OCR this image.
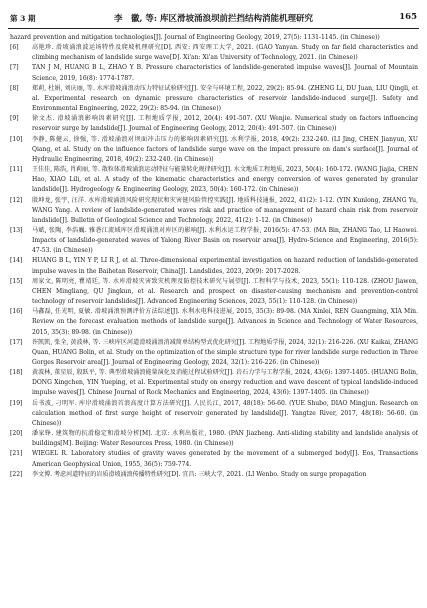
第 3 期	李　徽, 等: 库区滑坡涌浪坝前拦挡结构消能机理研究	165
hazard prevention and mitigation technologies[J]. Journal of Engineering Geology, 2019, 27(5): 1131-1145. (in Chinese))
[6]	高艳珍. 滑坡涌浪波运场特性及爬坡机理研究[D]. 西安: 西安理工大学, 2021. (GAO Yanyan. Study on far field characteristics and climbing mechanism of landslide surge wave[D]. Xi'an: Xi'an University of Technology, 2021. (in Chinese))
[7]	TAN J M, HUANG B L, ZHAO Y B. Pressure characteristics of landslide-generated impulse waves[J]. Journal of Mountain Science, 2019, 16(8): 1774-1787.
[8]	郑莉, 杜娟, 刘庆丽, 等. 水库滑坡涌浪动压力特征试验研究[J]. 安全与环境工程, 2022, 29(2): 85-94. (ZHENG Li, DU Juan, LIU Qingli, et al. Experimental research on dynamic pressure characteristics of reservoir landslide-induced surge[J]. Safety and Environmental Engineering, 2022, 29(2): 85-94. (in Chinese))
[9]	徐文杰. 滑坡涌浪影响因素研究[J]. 工程地质学报, 2012, 20(4): 491-507. (XU Wenjie. Numerical study on factors influencing reservoir surge by landslide[J]. Journal of Engineering Geology, 2012, 20(4): 491-507. (in Chinese))
[10]	李静, 陈健云, 徐强, 等. 滑坡涌浪对坝面冲击压力的影响因素研究[J]. 水利学报, 2018, 49(2): 232-240. (LI Jing, CHEN Jianyun, XU Qiang, et al. Study on the influence factors of landslide surge wave on the impact pressure on dam's surface[J]. Journal of Hydraulic Engineering, 2018, 49(2): 232-240. (in Chinese))
[11]	王佳佳, 陈浩, 肖莉丽, 等. 散粒体滑坡涌浪运动特征与能量转化规律研究[J]. 水文地质工程地质, 2023, 50(4): 160-172. (WANG Jiajia, CHEN Hao, XIAO Lili, et al. A study of the kinematic characteristics and energy conversion of waves generated by granular landslide[J]. Hydrogeology & Engineering Geology, 2023, 50(4): 160-172. (in Chinese))
[12]	殷坤龙, 张宇, 汪洋. 水库滑坡涌浪风险研究现状和灾害链风险管控实践[J]. 地质科技通报, 2022, 41(2): 1-12. (YIN Kunlong, ZHANG Yu, WANG Yang. A review of landslide-generated waves risk and practice of management of hazard chain risk from reservoir landslide[J]. Bulletin of Geological Science and Technology, 2022, 41(2): 1-12. (in Chinese))
[13]	马斌, 张陶, 李浩巍. 雅砻江流域库区滑坡涌浪对库区的影响[J]. 水利水运工程学报, 2016(5): 47-53. (MA Bin, ZHANG Tao, LI Haowei. Impacts of landslide-generated waves of Yalong River Basin on reservoir area[J]. Hydro-Science and Engineering, 2016(5): 47-53. (in Chinese))
[14]	HUANG B L, YIN Y P, LI R J, et al. Three-dimensional experimental investigation on hazard reduction of landslide-generated impulse waves in the Baihetan Reservoir, China[J]. Landslides, 2023, 20(9): 2017-2028.
[15]	周家文, 陈明亮, 瞿靖廷, 等. 水库滑坡灾害致灾机理及防控技术研究与展望[J]. 工程科学与技术, 2023, 55(1): 110-128. (ZHOU Jiawen, CHEN Mingliang, QU Jingkun, et al. Research and prospect on disaster-causing mechanism and prevention-control technology of reservoir landslides[J]. Advanced Engineering Sciences, 2023, 55(1): 110-128. (in Chinese))
[16]	马鑫磊, 任光明, 夏敏. 滑坡涌浪预测评价方法综述[J]. 水利水电科技进展, 2015, 35(3): 89-98. (MA Xinlei, REN Guangming, XIA Min. Review on the forecast evaluation methods of landslide surge[J]. Advances in Science and Technology of Water Resources, 2015, 35(3): 89-98. (in Chinese))
[17]	许凯凯, 张全, 黄波林, 等. 三峡库区河道滑坡涌浪消减简单结构型式优化研究[J]. 工程地质学报, 2024, 32(1): 216-226. (XU Kaikai, ZHANG Quan, HUANG Bolin, et al. Study on the optimization of the simple structure type for river landslide surge reduction in Three Gorges Reservoir area[J]. Journal of Engineering Geology, 2024, 32(1): 216-226. (in Chinese))
[18]	黄波林, 董星辰, 殷跃平, 等. 典型滑坡涌浪能量演化及消能过程试验研究[J]. 岩石力学与工程学报, 2024, 43(6): 1397-1405. (HUANG Bolin, DONG Xingchen, YIN Yueping, et al. Experimental study on energy reduction and wave descent of typical landslide-induced impulse waves[J]. Chinese Journal of Rock Mechanics and Engineering, 2024, 43(6): 1397-1405. (in Chinese))
[19]	岳书波, 刁明军. 库岸滑坡涌浪首浪高度计算方法研究[J]. 人民长江, 2017, 48(18): 56-60. (YUE Shubo, DIAO Mingjun. Research on calculation method of first surge height of reservoir generated by landslide[J]. Yangtze River, 2017, 48(18): 56-60. (in Chinese))
[20]	潘家铮. 建筑物的抗滑稳定和滑坡分析[M]. 北京: 水利出版社, 1980. (PAN Jiazheng. Anti-sliding stability and landslide analysis of buildings[M]. Beijing: Water Resources Press, 1980. (in Chinese))
[21]	WIEGEL R. Laboratory studies of gravity waves generated by the movement of a submerged body[J]. Eos, Transactions American Geophysical Union, 1955, 36(5): 759-774.
[22]	李文博. 考虑河道特征的岩质滑坡涌浪传播特性研究[D]. 宜昌: 三峡大学, 2021. (LI Wenbo. Study on surge propagation
